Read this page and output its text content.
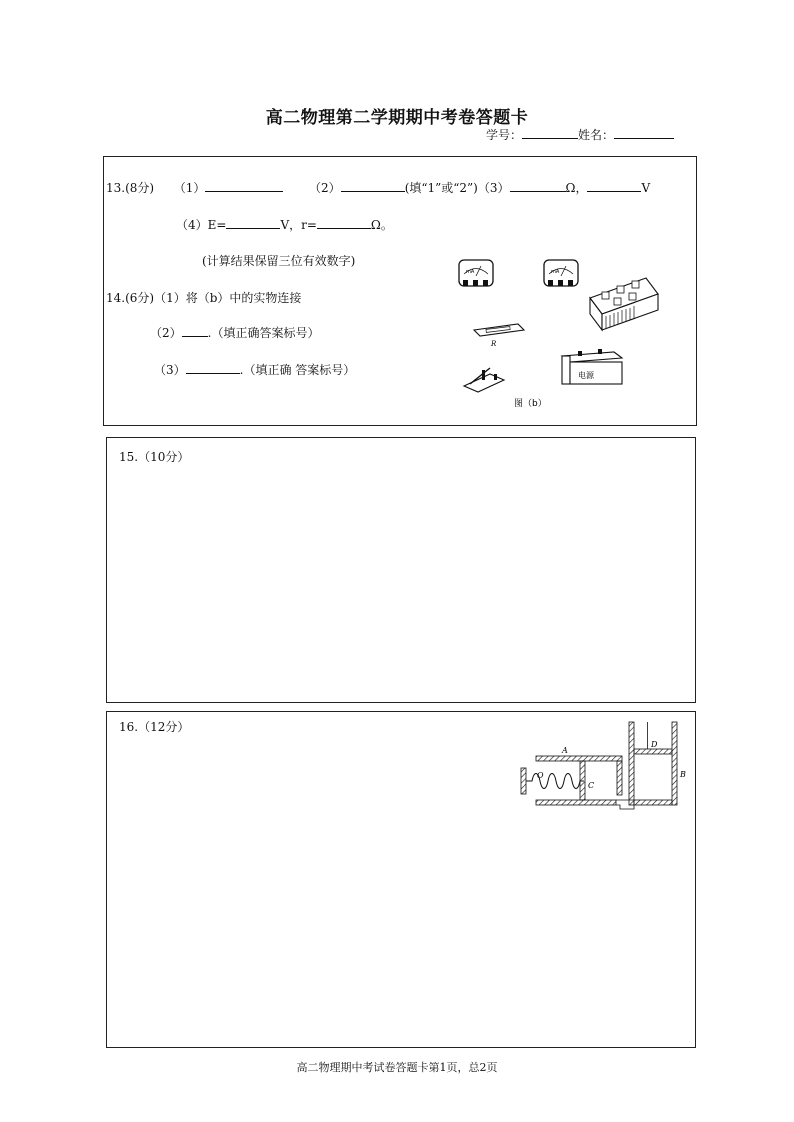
高二物理第二学期期中考卷答题卡
学号：	姓名：
13.(8分) （1）	（2）	(填“1”或“2”)（3）	Ω，	V
（4）E=	V，r=	Ω。
(计算结果保留三位有效数字)
14.(6分)（1）将（b）中的实物连接
（2） .（填正确答案标号）
（3）	.（填正确 答案标号）
mA	mA
R
电源
图（b）
15.（10分）
16.（12分）
A
B
C
D
O
高二物理期中考试卷答题卡第1页，总2页
